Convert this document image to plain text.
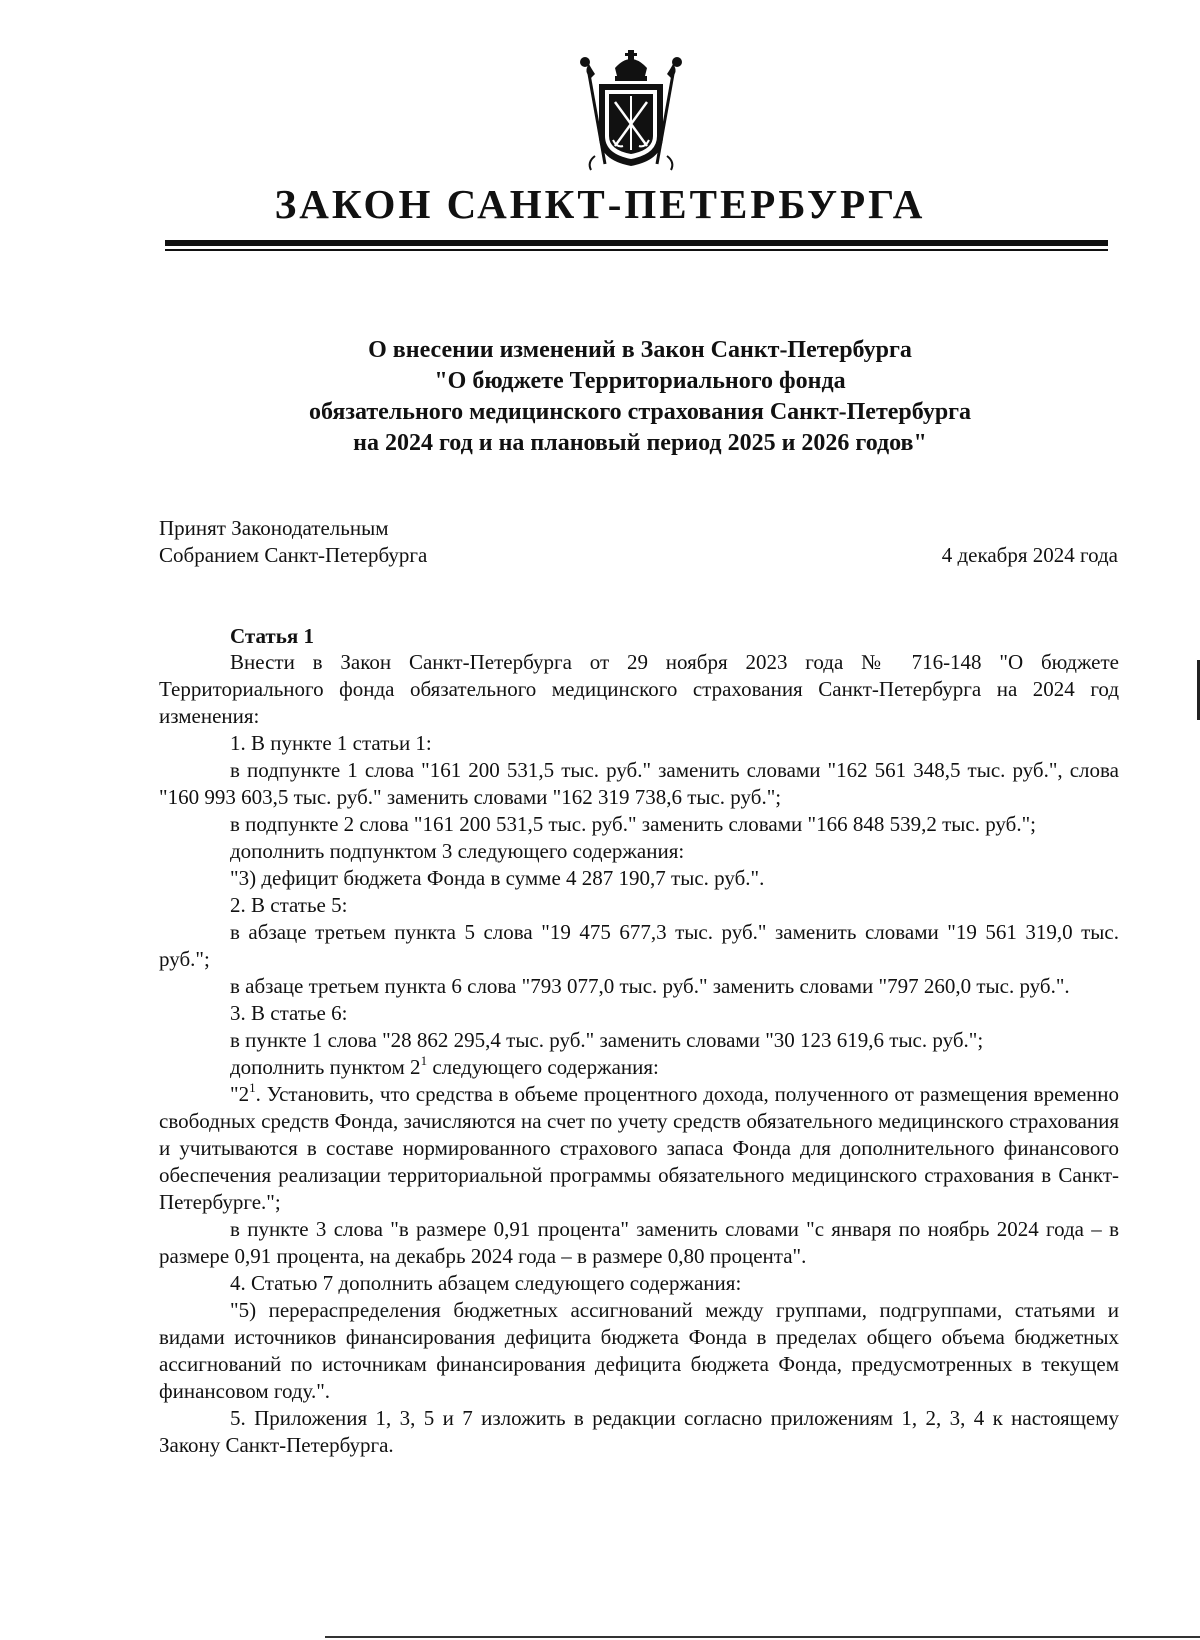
ЗАКОН САНКТ-ПЕТЕРБУРГА
О внесении изменений в Закон Санкт-Петербурга
"О бюджете Территориального фонда
обязательного медицинского страхования Санкт-Петербурга
на 2024 год и на плановый период 2025 и 2026 годов"
Принят Законодательным
Собранием Санкт-Петербурга	4 декабря 2024 года
Статья 1
Внести в Закон Санкт-Петербурга от 29 ноября 2023 года № 716-148 "О бюджете Территориального фонда обязательного медицинского страхования Санкт-Петербурга на 2024 год изменения:
1. В пункте 1 статьи 1:
в подпункте 1 слова "161 200 531,5 тыс. руб." заменить словами "162 561 348,5 тыс. руб.", слова "160 993 603,5 тыс. руб." заменить словами "162 319 738,6 тыс. руб.";
в подпункте 2 слова "161 200 531,5 тыс. руб." заменить словами "166 848 539,2 тыс. руб.";
дополнить подпунктом 3 следующего содержания:
"3) дефицит бюджета Фонда в сумме 4 287 190,7 тыс. руб.".
2. В статье 5:
в абзаце третьем пункта 5 слова "19 475 677,3 тыс. руб." заменить словами "19 561 319,0 тыс. руб.";
в абзаце третьем пункта 6 слова "793 077,0 тыс. руб." заменить словами "797 260,0 тыс. руб.".
3. В статье 6:
в пункте 1 слова "28 862 295,4 тыс. руб." заменить словами "30 123 619,6 тыс. руб.";
дополнить пунктом $2^1$ следующего содержания:
"$2^1$. Установить, что средства в объеме процентного дохода, полученного от размещения временно свободных средств Фонда, зачисляются на счет по учету средств обязательного медицинского страхования и учитываются в составе нормированного страхового запаса Фонда для дополнительного финансового обеспечения реализации территориальной программы обязательного медицинского страхования в Санкт-Петербурге.";
в пункте 3 слова "в размере 0,91 процента" заменить словами "с января по ноябрь 2024 года – в размере 0,91 процента, на декабрь 2024 года – в размере 0,80 процента".
4. Статью 7 дополнить абзацем следующего содержания:
"5) перераспределения бюджетных ассигнований между группами, подгруппами, статьями и видами источников финансирования дефицита бюджета Фонда в пределах общего объема бюджетных ассигнований по источникам финансирования дефицита бюджета Фонда, предусмотренных в текущем финансовом году.".
5. Приложения 1, 3, 5 и 7 изложить в редакции согласно приложениям 1, 2, 3, 4 к настоящему Закону Санкт-Петербурга.
